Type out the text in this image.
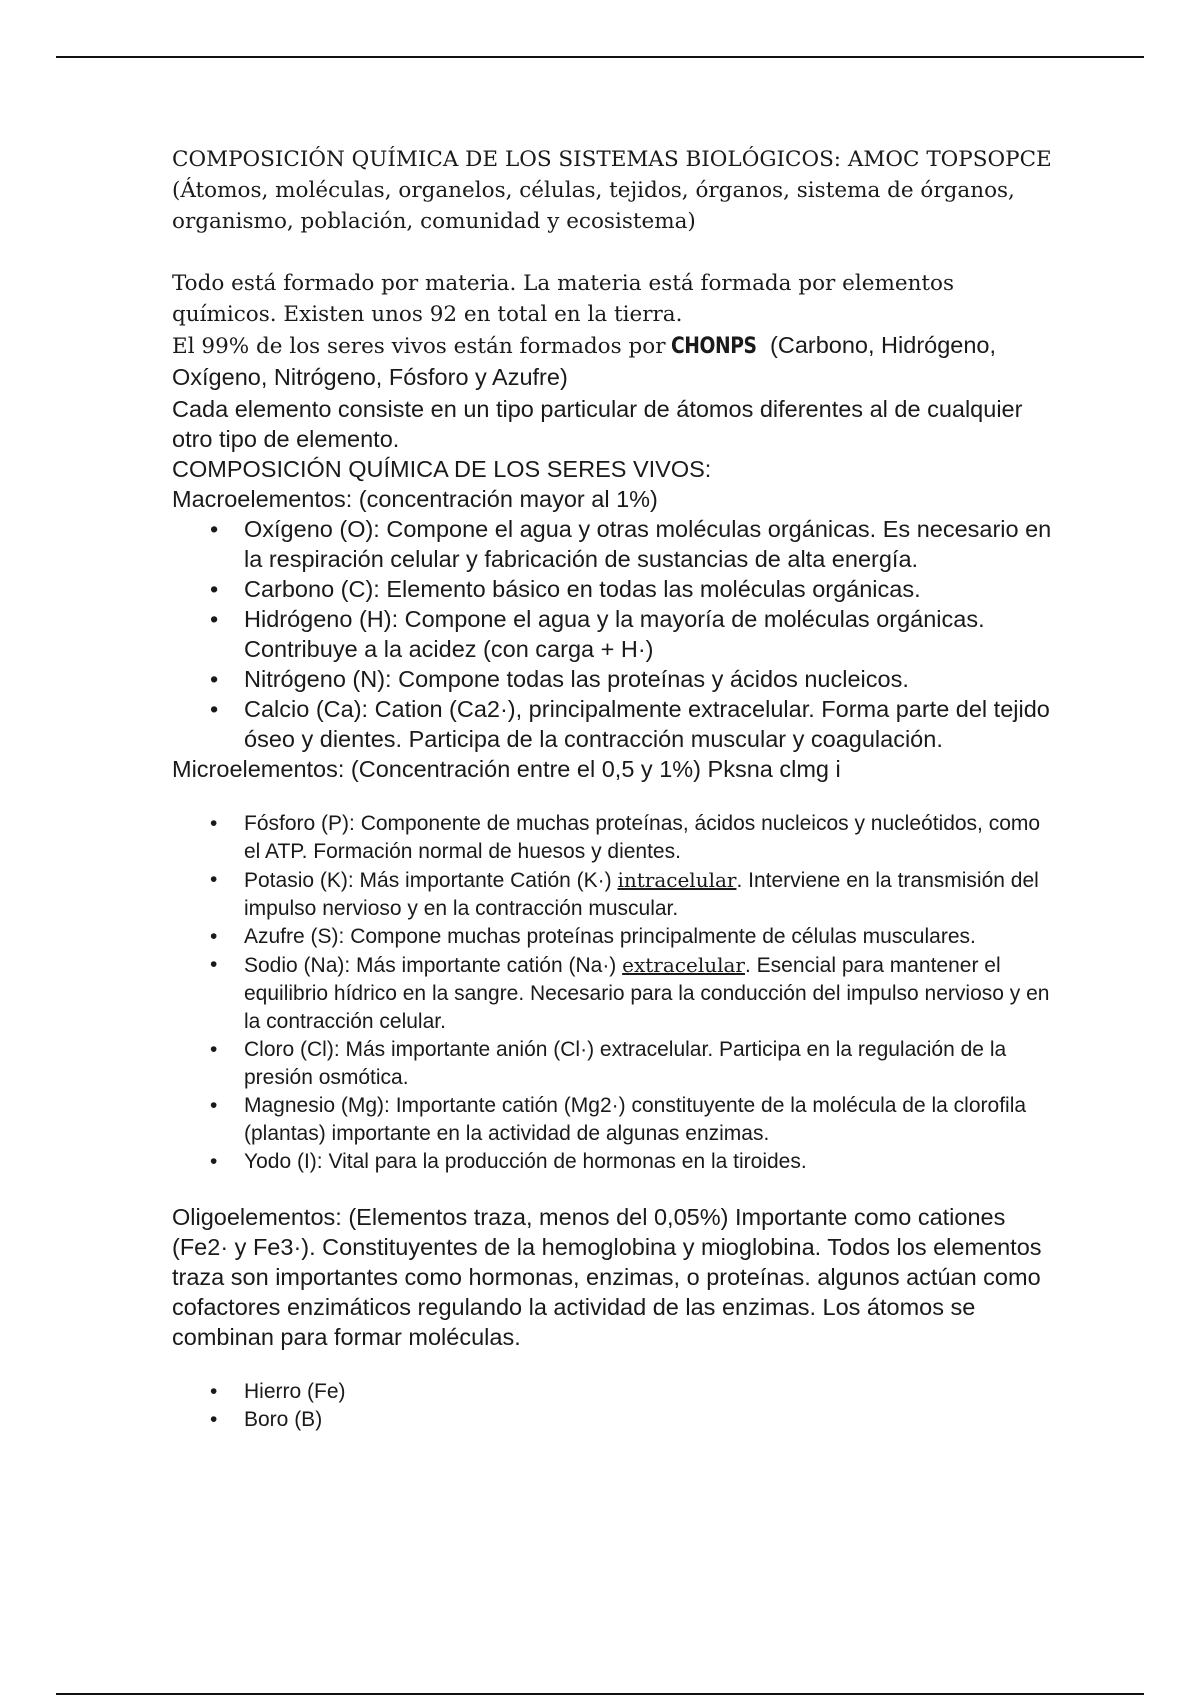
COMPOSICIÓN QUÍMICA DE LOS SISTEMAS BIOLÓGICOS: AMOC TOPSOPCE

(Átomos, moléculas, organelos, células, tejidos, órganos, sistema de órganos,

organismo, población, comunidad y ecosistema)

Todo está formado por materia. La materia está formada por elementos químicos. Existen unos 92 en total en la tierra.

El 99% de los seres vivos están formados por CHONPS (Carbono, Hidrógeno, Oxígeno, Nitrógeno, Fósforo y Azufre)

Cada elemento consiste en un tipo particular de átomos diferentes al de cualquier otro tipo de elemento.

COMPOSICIÓN QUÍMICA DE LOS SERES VIVOS:

Macroelementos: (concentración mayor al 1%)

• Oxígeno (O): Compone el agua y otras moléculas orgánicas. Es necesario en la respiración celular y fabricación de sustancias de alta energía.
• Carbono (C): Elemento básico en todas las moléculas orgánicas.
• Hidrógeno (H): Compone el agua y la mayoría de moléculas orgánicas. Contribuye a la acidez (con carga + H·)
• Nitrógeno (N): Compone todas las proteínas y ácidos nucleicos.
• Calcio (Ca): Cation (Ca2·), principalmente extracelular. Forma parte del tejido óseo y dientes. Participa de la contracción muscular y coagulación.

Microelementos: (Concentración entre el 0,5 y 1%) Pksna clmg i

• Fósforo (P): Componente de muchas proteínas, ácidos nucleicos y nucleótidos, como el ATP. Formación normal de huesos y dientes.
• Potasio (K): Más importante Catión (K·) intracelular. Interviene en la transmisión del impulso nervioso y en la contracción muscular.
• Azufre (S): Compone muchas proteínas principalmente de células musculares.
• Sodio (Na): Más importante catión (Na·) extracelular. Esencial para mantener el equilibrio hídrico en la sangre. Necesario para la conducción del impulso nervioso y en la contracción celular.
• Cloro (Cl): Más importante anión (Cl·) extracelular. Participa en la regulación de la presión osmótica.
• Magnesio (Mg): Importante catión (Mg2·) constituyente de la molécula de la clorofila (plantas) importante en la actividad de algunas enzimas.
• Yodo (I): Vital para la producción de hormonas en la tiroides.

Oligoelementos: (Elementos traza, menos del 0,05%) Importante como cationes (Fe2· y Fe3·). Constituyentes de la hemoglobina y mioglobina. Todos los elementos traza son importantes como hormonas, enzimas, o proteínas. algunos actúan como cofactores enzimáticos regulando la actividad de las enzimas. Los átomos se combinan para formar moléculas.

• Hierro (Fe)
• Boro (B)
